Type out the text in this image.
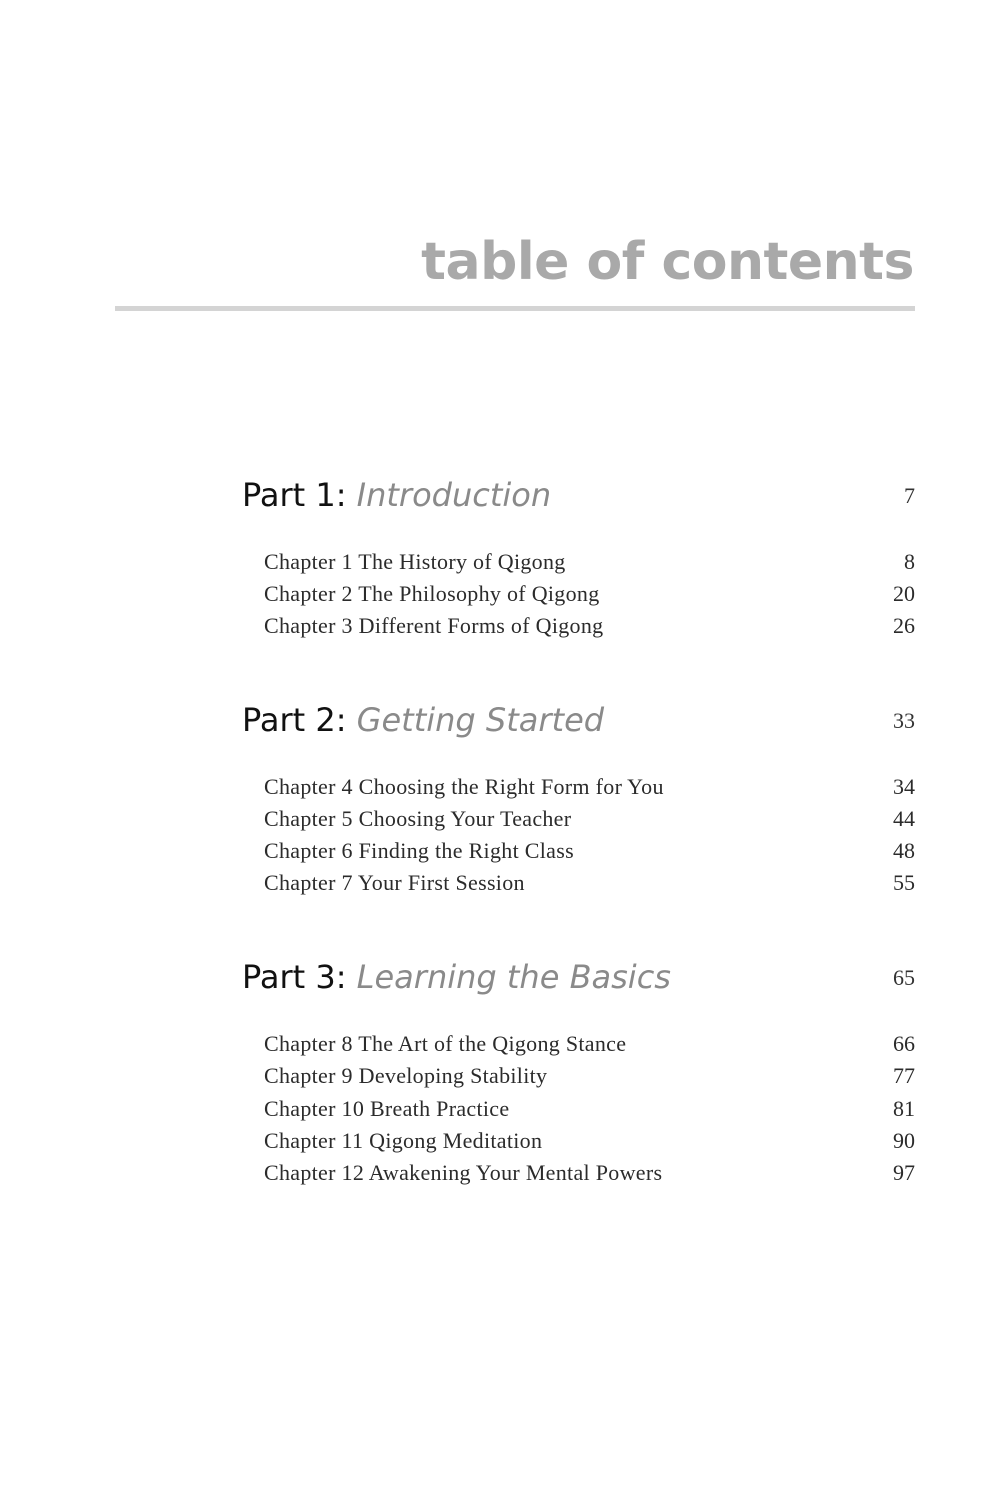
table of contents
Part 1: Introduction	7
Chapter 1 The History of Qigong	8
Chapter 2 The Philosophy of Qigong	20
Chapter 3 Different Forms of Qigong	26
Part 2: Getting Started	33
Chapter 4 Choosing the Right Form for You	34
Chapter 5 Choosing Your Teacher	44
Chapter 6 Finding the Right Class	48
Chapter 7 Your First Session	55
Part 3: Learning the Basics	65
Chapter 8 The Art of the Qigong Stance	66
Chapter 9 Developing Stability	77
Chapter 10 Breath Practice	81
Chapter 11 Qigong Meditation	90
Chapter 12 Awakening Your Mental Powers	97
